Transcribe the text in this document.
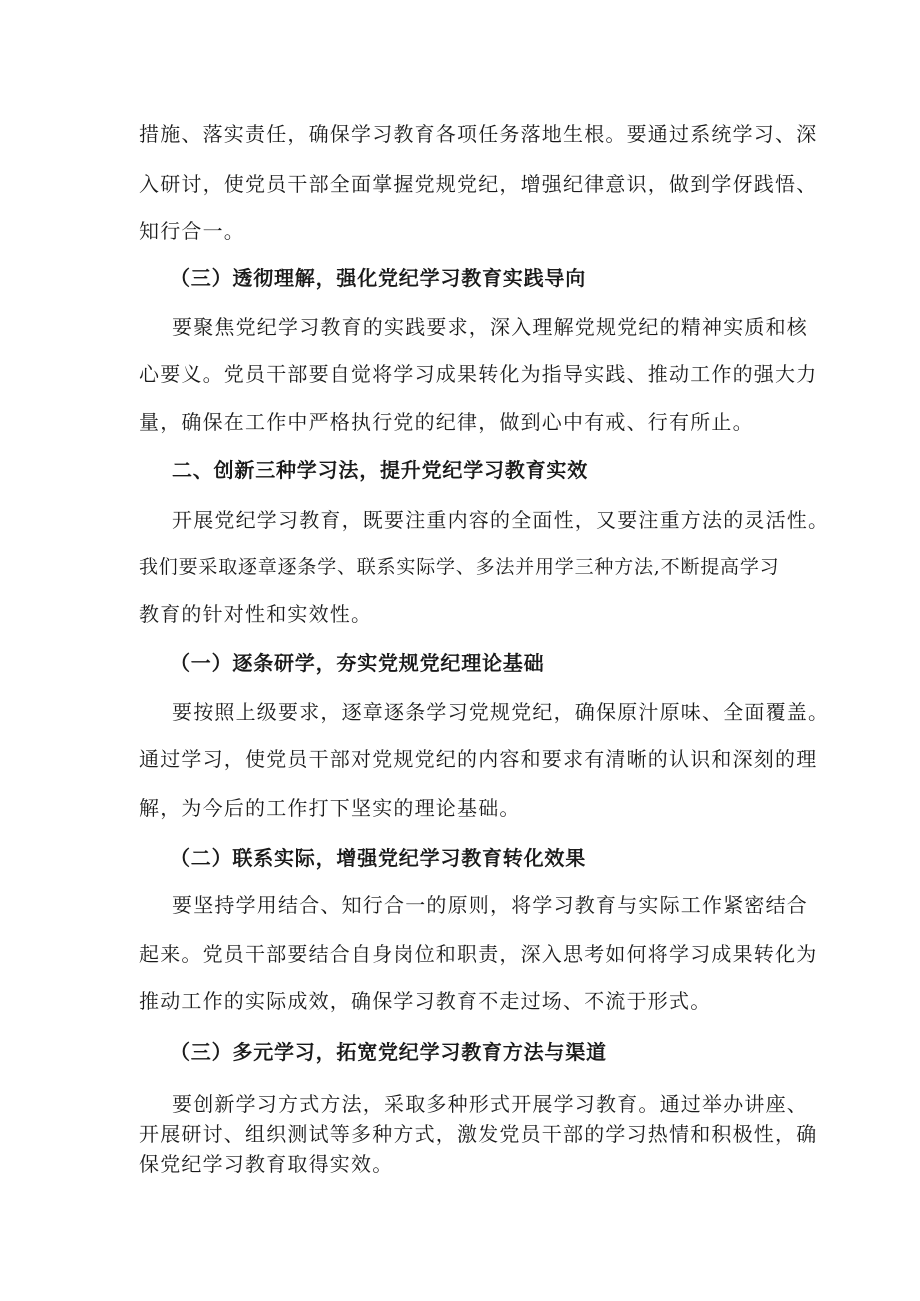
措施、落实责任，确保学习教育各项任务落地生根。要通过系统学习、深
入研讨，使党员干部全面掌握党规党纪，增强纪律意识，做到学伢践悟、
知行合一。
（三）透彻理解，强化党纪学习教育实践导向
要聚焦党纪学习教育的实践要求，深入理解党规党纪的精神实质和核
心要义。党员干部要自觉将学习成果转化为指导实践、推动工作的强大力
量，确保在工作中严格执行党的纪律，做到心中有戒、行有所止。
二、创新三种学习法，提升党纪学习教育实效
开展党纪学习教育，既要注重内容的全面性，又要注重方法的灵活性。
我们要采取逐章逐条学、联系实际学、多法并用学三种方法,不断提高学习
教育的针对性和实效性。
（一）逐条研学，夯实党规党纪理论基础
要按照上级要求，逐章逐条学习党规党纪，确保原汁原味、全面覆盖。
通过学习，使党员干部对党规党纪的内容和要求有清晰的认识和深刻的理
解，为今后的工作打下坚实的理论基础。
（二）联系实际，增强党纪学习教育转化效果
要坚持学用结合、知行合一的原则，将学习教育与实际工作紧密结合
起来。党员干部要结合自身岗位和职责，深入思考如何将学习成果转化为
推动工作的实际成效，确保学习教育不走过场、不流于形式。
（三）多元学习，拓宽党纪学习教育方法与渠道
要创新学习方式方法，采取多种形式开展学习教育。通过举办讲座、
开展研讨、组织测试等多种方式，激发党员干部的学习热情和积极性，确
保党纪学习教育取得实效。
